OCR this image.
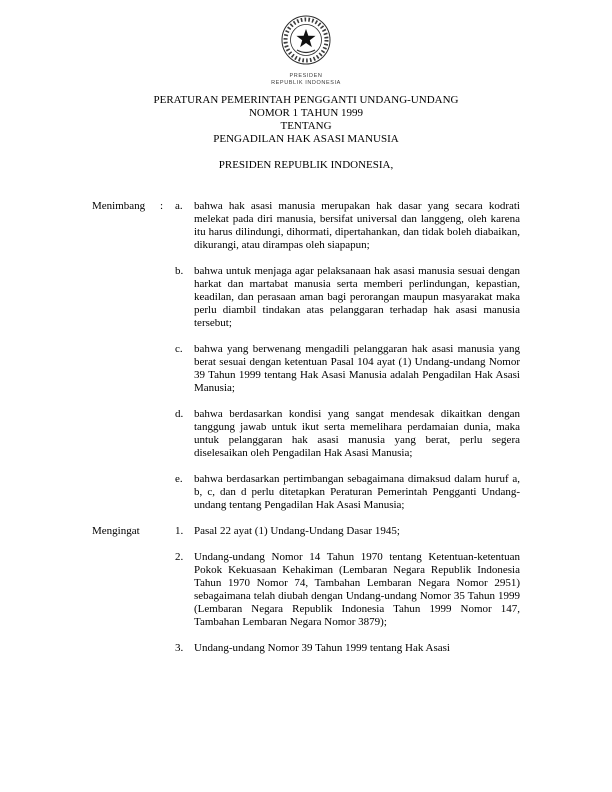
PRESIDEN
REPUBLIK INDONESIA
PERATURAN PEMERINTAH PENGGANTI UNDANG-UNDANG
NOMOR 1 TAHUN 1999
TENTANG
PENGADILAN HAK ASASI MANUSIA
PRESIDEN REPUBLIK INDONESIA,
Menimbang	:	a.	bahwa hak asasi manusia merupakan hak dasar yang secara kodrati melekat pada diri manusia, bersifat universal dan langgeng, oleh karena itu harus dilindungi, dihormati, dipertahankan, dan tidak boleh diabaikan, dikurangi, atau dirampas oleh siapapun;
b. bahwa untuk menjaga agar pelaksanaan hak asasi manusia sesuai dengan harkat dan martabat manusia serta memberi perlindungan, kepastian, keadilan, dan perasaan aman bagi perorangan maupun masyarakat maka perlu diambil tindakan atas pelanggaran terhadap hak asasi manusia tersebut;
c.	bahwa yang berwenang mengadili pelanggaran hak asasi manusia yang berat sesuai dengan ketentuan Pasal 104 ayat (1) Undang-undang Nomor 39 Tahun 1999 tentang Hak Asasi Manusia adalah Pengadilan Hak Asasi Manusia;
d. bahwa berdasarkan kondisi yang sangat mendesak dikaitkan dengan tanggung jawab untuk ikut serta memelihara perdamaian dunia, maka untuk pelanggaran hak asasi manusia yang berat, perlu segera diselesaikan oleh Pengadilan Hak Asasi Manusia;
e.	bahwa berdasarkan pertimbangan sebagaimana dimaksud dalam huruf a, b, c, dan d perlu ditetapkan Peraturan Pemerintah Pengganti Undang-undang tentang Pengadilan Hak Asasi Manusia;
Mengingat	1. Pasal 22 ayat (1) Undang-Undang Dasar 1945;
2. Undang-undang Nomor 14 Tahun 1970 tentang Ketentuan-ketentuan Pokok Kekuasaan Kehakiman (Lembaran Negara Republik Indonesia Tahun 1970 Nomor 74, Tambahan Lembaran Negara Nomor 2951) sebagaimana telah diubah dengan Undang-undang Nomor 35 Tahun 1999 (Lembaran Negara Republik Indonesia Tahun 1999 Nomor 147, Tambahan Lembaran Negara Nomor 3879);
3. Undang-undang Nomor 39 Tahun 1999 tentang Hak Asasi
